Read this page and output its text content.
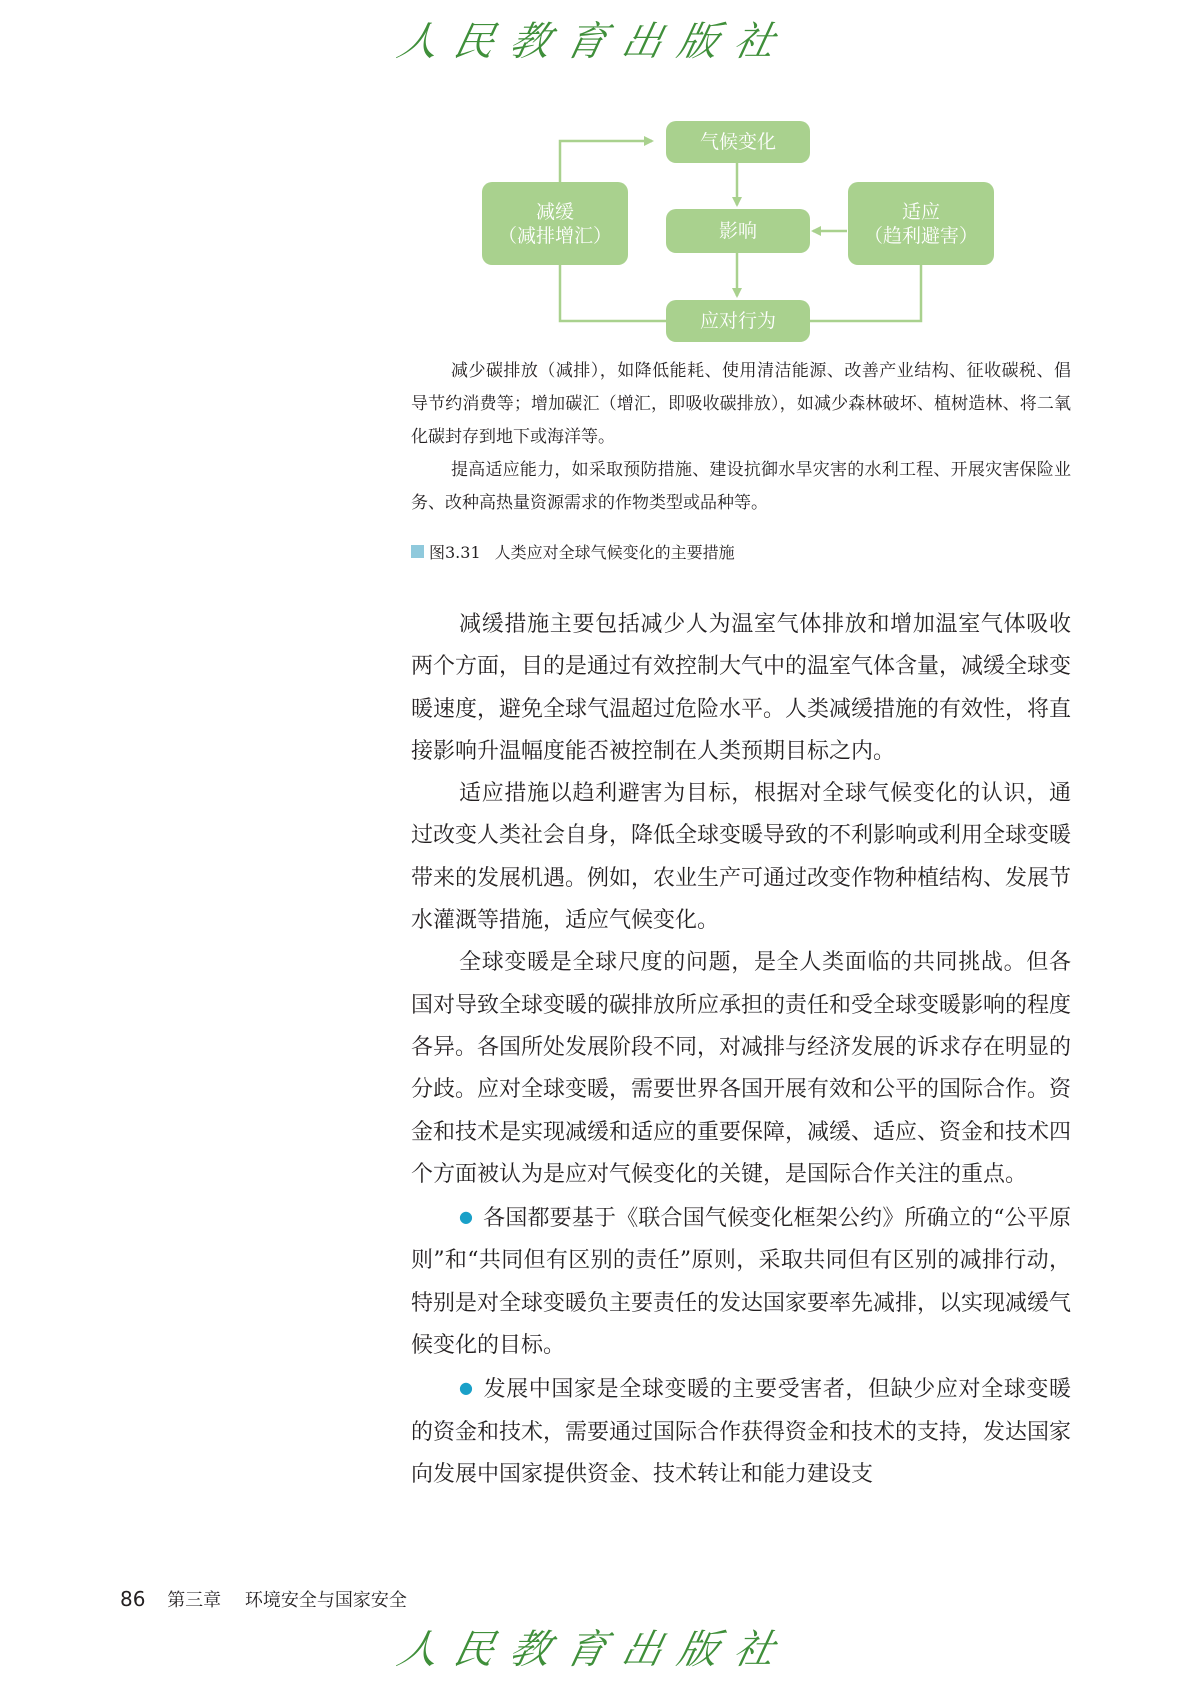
人民教育出版社
气候变化
减缓
（减排增汇）	影响
适应
（趋利避害）
应对行为

减少碳排放（减排），如降低能耗、使用清洁能源、改善产业结构、征收碳税、倡导节约消费等；增加碳汇（增汇，即吸收碳排放），如减少森林破坏、植树造林、将二氧化碳封存到地下或海洋等。

提高适应能力，如采取预防措施、建设抗御水旱灾害的水利工程、开展灾害保险业务、改种高热量资源需求的作物类型或品种等。

图3.31 人类应对全球气候变化的主要措施

减缓措施主要包括减少人为温室气体排放和增加温室气体吸收两个方面，目的是通过有效控制大气中的温室气体含量，减缓全球变暖速度，避免全球气温超过危险水平。人类减缓措施的有效性，将直接影响升温幅度能否被控制在人类预期目标之内。

适应措施以趋利避害为目标，根据对全球气候变化的认识，通过改变人类社会自身，降低全球变暖导致的不利影响或利用全球变暖带来的发展机遇。例如，农业生产可通过改变作物种植结构、发展节水灌溉等措施，适应气候变化。

全球变暖是全球尺度的问题，是全人类面临的共同挑战。但各国对导致全球变暖的碳排放所应承担的责任和受全球变暖影响的程度各异。各国所处发展阶段不同，对减排与经济发展的诉求存在明显的分歧。应对全球变暖，需要世界各国开展有效和公平的国际合作。资金和技术是实现减缓和适应的重要保障，减缓、适应、资金和技术四个方面被认为是应对气候变化的关键，是国际合作关注的重点。

● 各国都要基于《联合国气候变化框架公约》所确立的“公平原则”和“共同但有区别的责任”原则，采取共同但有区别的减排行动，特别是对全球变暖负主要责任的发达国家要率先减排，以实现减缓气候变化的目标。

● 发展中国家是全球变暖的主要受害者，但缺少应对全球变暖的资金和技术，需要通过国际合作获得资金和技术的支持，发达国家向发展中国家提供资金、技术转让和能力建设支

86 第三章 环境安全与国家安全
人民教育出版社
